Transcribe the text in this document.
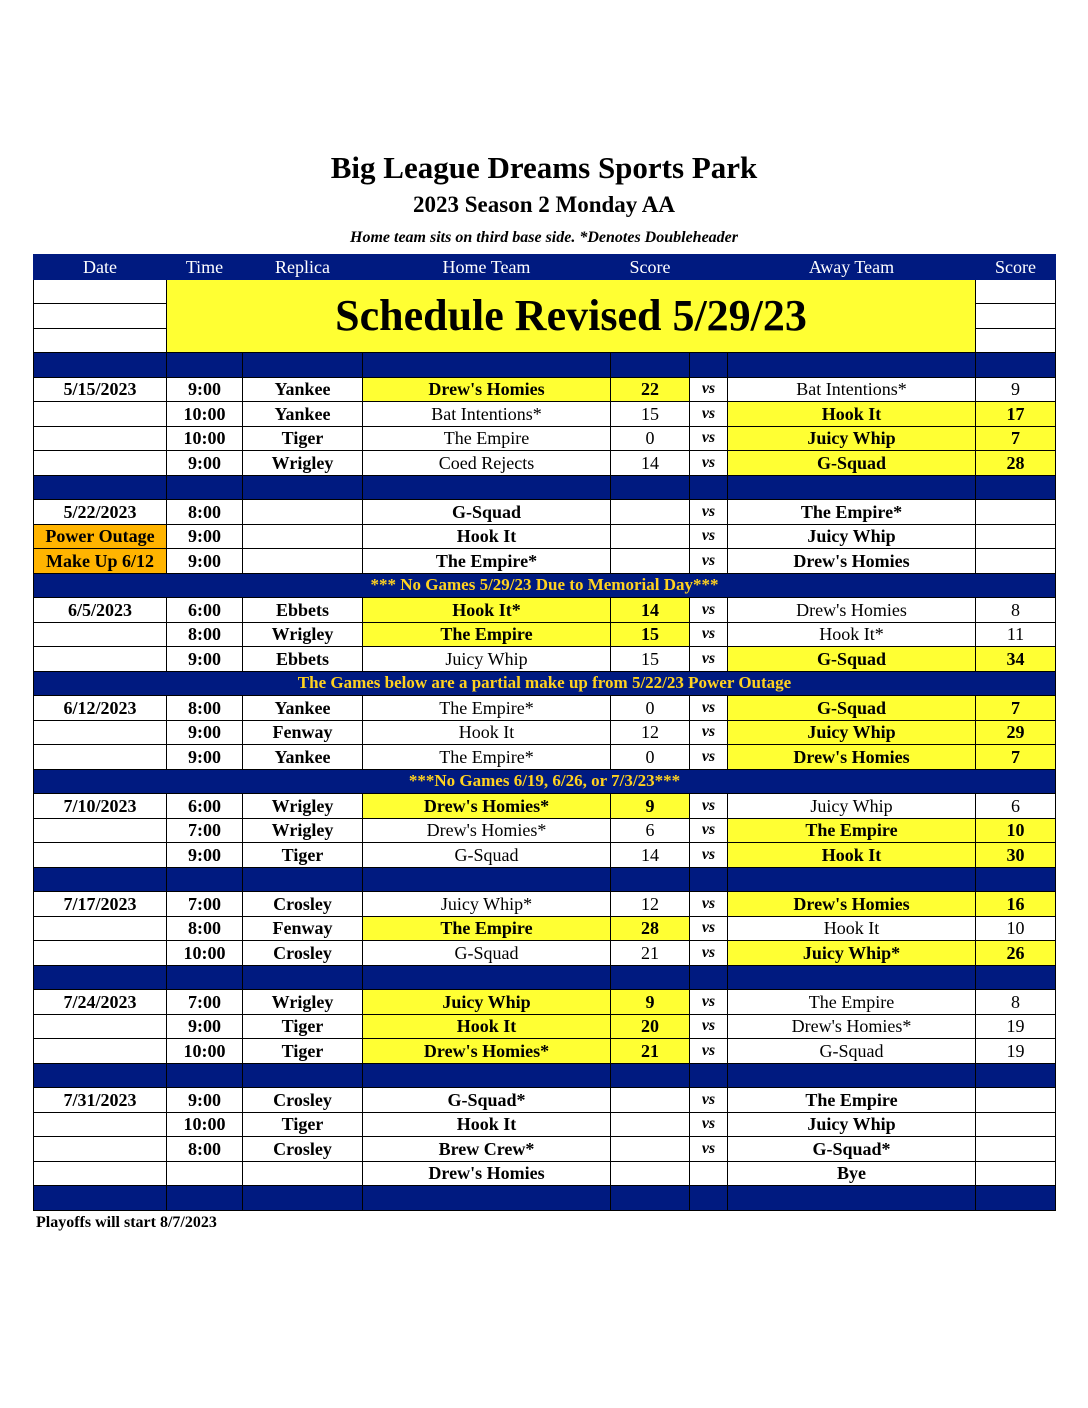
Big League Dreams Sports Park
2023 Season 2 Monday AA
Home team sits on third base side. *Denotes Doubleheader
Date	Time	Replica	Home Team	Score		Away Team	Score
	Schedule Revised 5/29/23						

5/15/2023	9:00	Yankee	Drew's Homies	22	vs	Bat Intentions*	9
	10:00	Yankee	Bat Intentions*	15	vs	Hook It	17
	10:00	Tiger	The Empire	0	vs	Juicy Whip	7
	9:00	Wrigley	Coed Rejects	14	vs	G-Squad	28

5/22/2023	8:00		G-Squad		vs	The Empire*	
Power Outage	9:00		Hook It		vs	Juicy Whip	
Make Up 6/12	9:00		The Empire*		vs	Drew's Homies	
*** No Games 5/29/23 Due to Memorial Day***							
6/5/2023	6:00	Ebbets	Hook It*	14	vs	Drew's Homies	8
	8:00	Wrigley	The Empire	15	vs	Hook It*	11
	9:00	Ebbets	Juicy Whip	15	vs	G-Squad	34
The Games below are a partial make up from 5/22/23 Power Outage							
6/12/2023	8:00	Yankee	The Empire*	0	vs	G-Squad	7
	9:00	Fenway	Hook It	12	vs	Juicy Whip	29
	9:00	Yankee	The Empire*	0	vs	Drew's Homies	7
***No Games 6/19, 6/26, or 7/3/23***							
7/10/2023	6:00	Wrigley	Drew's Homies*	9	vs	Juicy Whip	6
	7:00	Wrigley	Drew's Homies*	6	vs	The Empire	10
	9:00	Tiger	G-Squad	14	vs	Hook It	30

7/17/2023	7:00	Crosley	Juicy Whip*	12	vs	Drew's Homies	16
	8:00	Fenway	The Empire	28	vs	Hook It	10
	10:00	Crosley	G-Squad	21	vs	Juicy Whip*	26

7/24/2023	7:00	Wrigley	Juicy Whip	9	vs	The Empire	8
	9:00	Tiger	Hook It	20	vs	Drew's Homies*	19
	10:00	Tiger	Drew's Homies*	21	vs	G-Squad	19

7/31/2023	9:00	Crosley	G-Squad*		vs	The Empire	
	10:00	Tiger	Hook It		vs	Juicy Whip	
	8:00	Crosley	Brew Crew*		vs	G-Squad*	
			Drew's Homies			Bye	

Playoffs will start 8/7/2023
